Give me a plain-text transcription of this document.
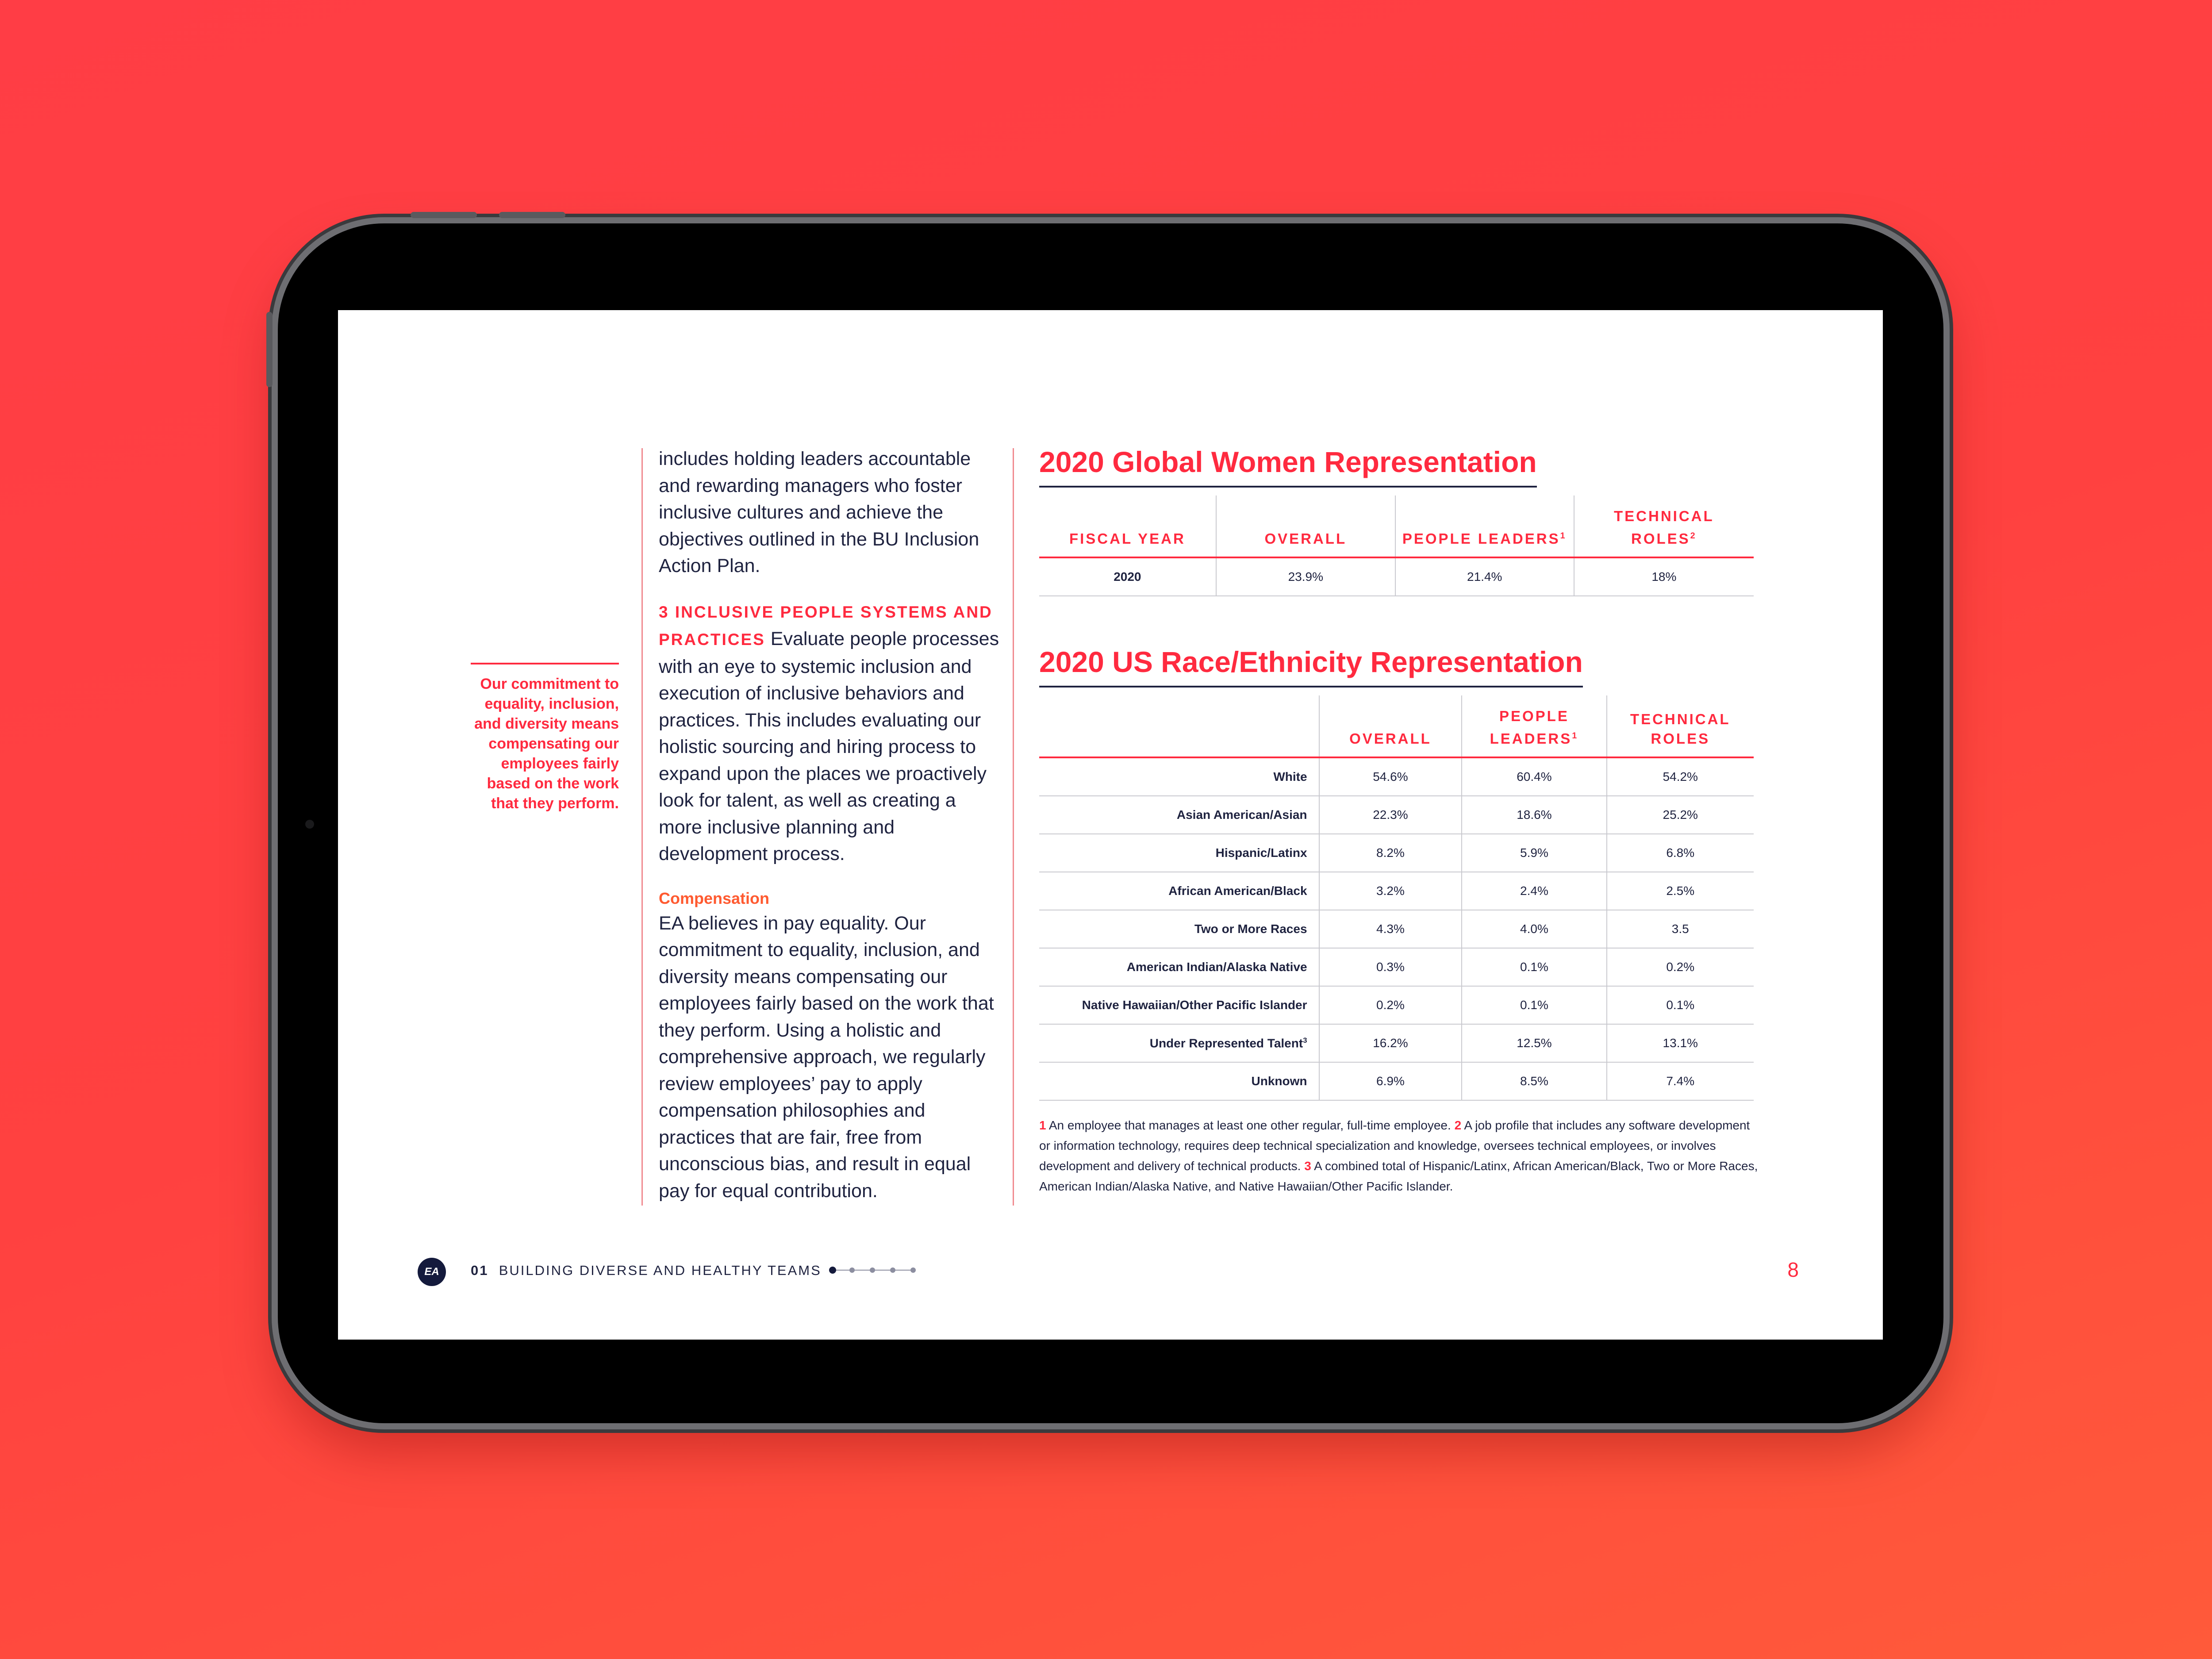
Our commitment to equality, inclusion, and diversity means compensating our employees fairly based on the work that they perform.

includes holding leaders accountable and rewarding managers who foster inclusive cultures and achieve the objectives outlined in the BU Inclusion Action Plan.

3 INCLUSIVE PEOPLE SYSTEMS AND PRACTICES Evaluate people processes with an eye to systemic inclusion and execution of inclusive behaviors and practices. This includes evaluating our holistic sourcing and hiring process to expand upon the places we proactively look for talent, as well as creating a more inclusive planning and development process.

Compensation

EA believes in pay equality. Our commitment to equality, inclusion, and diversity means compensating our employees fairly based on the work that they perform. Using a holistic and comprehensive approach, we regularly review employees’ pay to apply compensation philosophies and practices that are fair, free from unconscious bias, and result in equal pay for equal contribution.

2020 Global Women Representation
FISCAL YEAR	OVERALL	PEOPLE LEADERS$^1$	TECHNICAL ROLES$^2$
2020	23.9%	21.4%	18%
2020 US Race/Ethnicity Representation
	OVERALL	PEOPLE LEADERS$^1$	TECHNICAL ROLES
White	54.6%	60.4%	54.2%
Asian American/Asian	22.3%	18.6%	25.2%
Hispanic/Latinx	8.2%	5.9%	6.8%
African American/Black	3.2%	2.4%	2.5%
Two or More Races	4.3%	4.0%	3.5
American Indian/Alaska Native	0.3%	0.1%	0.2%
Native Hawaiian/Other Pacific Islander	0.2%	0.1%	0.1%
Under Represented Talent$^3$	16.2%	12.5%	13.1%
Unknown	6.9%	8.5%	7.4%
1 An employee that manages at least one other regular, full-time employee. 2 A job profile that includes any software development or information technology, requires deep technical specialization and knowledge, oversees technical employees, or involves development and delivery of technical products. 3 A combined total of Hispanic/Latinx, African American/Black, Two or More Races, American Indian/Alaska Native, and Native Hawaiian/Other Pacific Islander.
EA	01 BUILDING DIVERSE AND HEALTHY TEAMS	8
